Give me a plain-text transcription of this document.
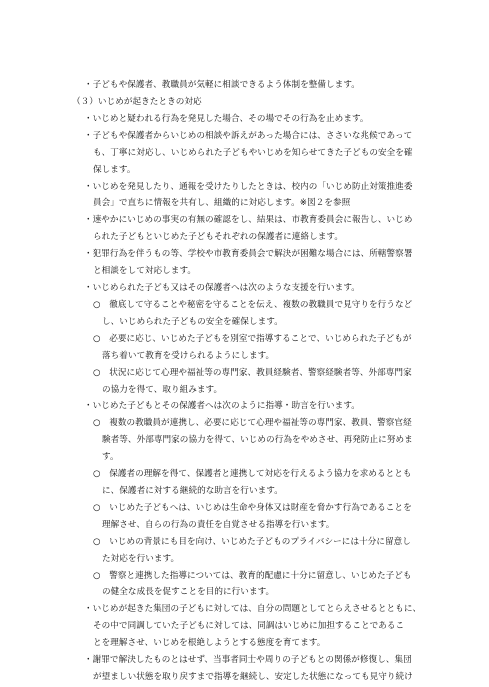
・子どもや保護者、教職員が気軽に相談できるよう体制を整備します。
（３）いじめが起きたときの対応
・いじめと疑われる行為を発見した場合、その場でその行為を止めます。
・子どもや保護者からいじめの相談や訴えがあった場合には、ささいな兆候であって
も、丁寧に対応し、いじめられた子どもやいじめを知らせてきた子どもの安全を確
保します。
・いじめを発見したり、通報を受けたりしたときは、校内の「いじめ防止対策推進委
員会」で直ちに情報を共有し、組織的に対応します。※図２を参照
・速やかにいじめの事実の有無の確認をし、結果は、市教育委員会に報告し、いじめ
られた子どもといじめた子どもそれぞれの保護者に連絡します。
・犯罪行為を伴うもの等、学校や市教育委員会で解決が困難な場合には、所轄警察署
と相談をして対応します。
・いじめられた子ども又はその保護者へは次のような支援を行います。
○　徹底して守ることや秘密を守ることを伝え、複数の教職員で見守りを行うなど
し、いじめられた子どもの安全を確保します。
○　必要に応じ、いじめた子どもを別室で指導することで、いじめられた子どもが
落ち着いて教育を受けられるようにします。
○　状況に応じて心理や福祉等の専門家、教員経験者、警察経験者等、外部専門家
の協力を得て、取り組みます。
・いじめた子どもとその保護者へは次のように指導・助言を行います。
○　複数の教職員が連携し、必要に応じて心理や福祉等の専門家、教員、警察官経
験者等、外部専門家の協力を得て、いじめの行為をやめさせ、再発防止に努めま
す。
○　保護者の理解を得て、保護者と連携して対応を行えるよう協力を求めるととも
に、保護者に対する継続的な助言を行います。
○　いじめた子どもへは、いじめは生命や身体又は財産を脅かす行為であることを
理解させ、自らの行為の責任を自覚させる指導を行います。
○　いじめの背景にも目を向け、いじめた子どものプライバシーには十分に留意し
た対応を行います。
○　警察と連携した指導については、教育的配慮に十分に留意し、いじめた子ども
の健全な成長を促すことを目的に行います。
・いじめが起きた集団の子どもに対しては、自分の問題としてとらえさせるとともに、
その中で同調していた子どもに対しては、同調はいじめに加担することであるこ
とを理解させ、いじめを根絶しようとする態度を育てます。
・謝罪で解決したものとはせず、当事者同士や周りの子どもとの関係が修復し、集団
が望ましい状態を取り戻すまで指導を継続し、安定した状態になっても見守り続け
